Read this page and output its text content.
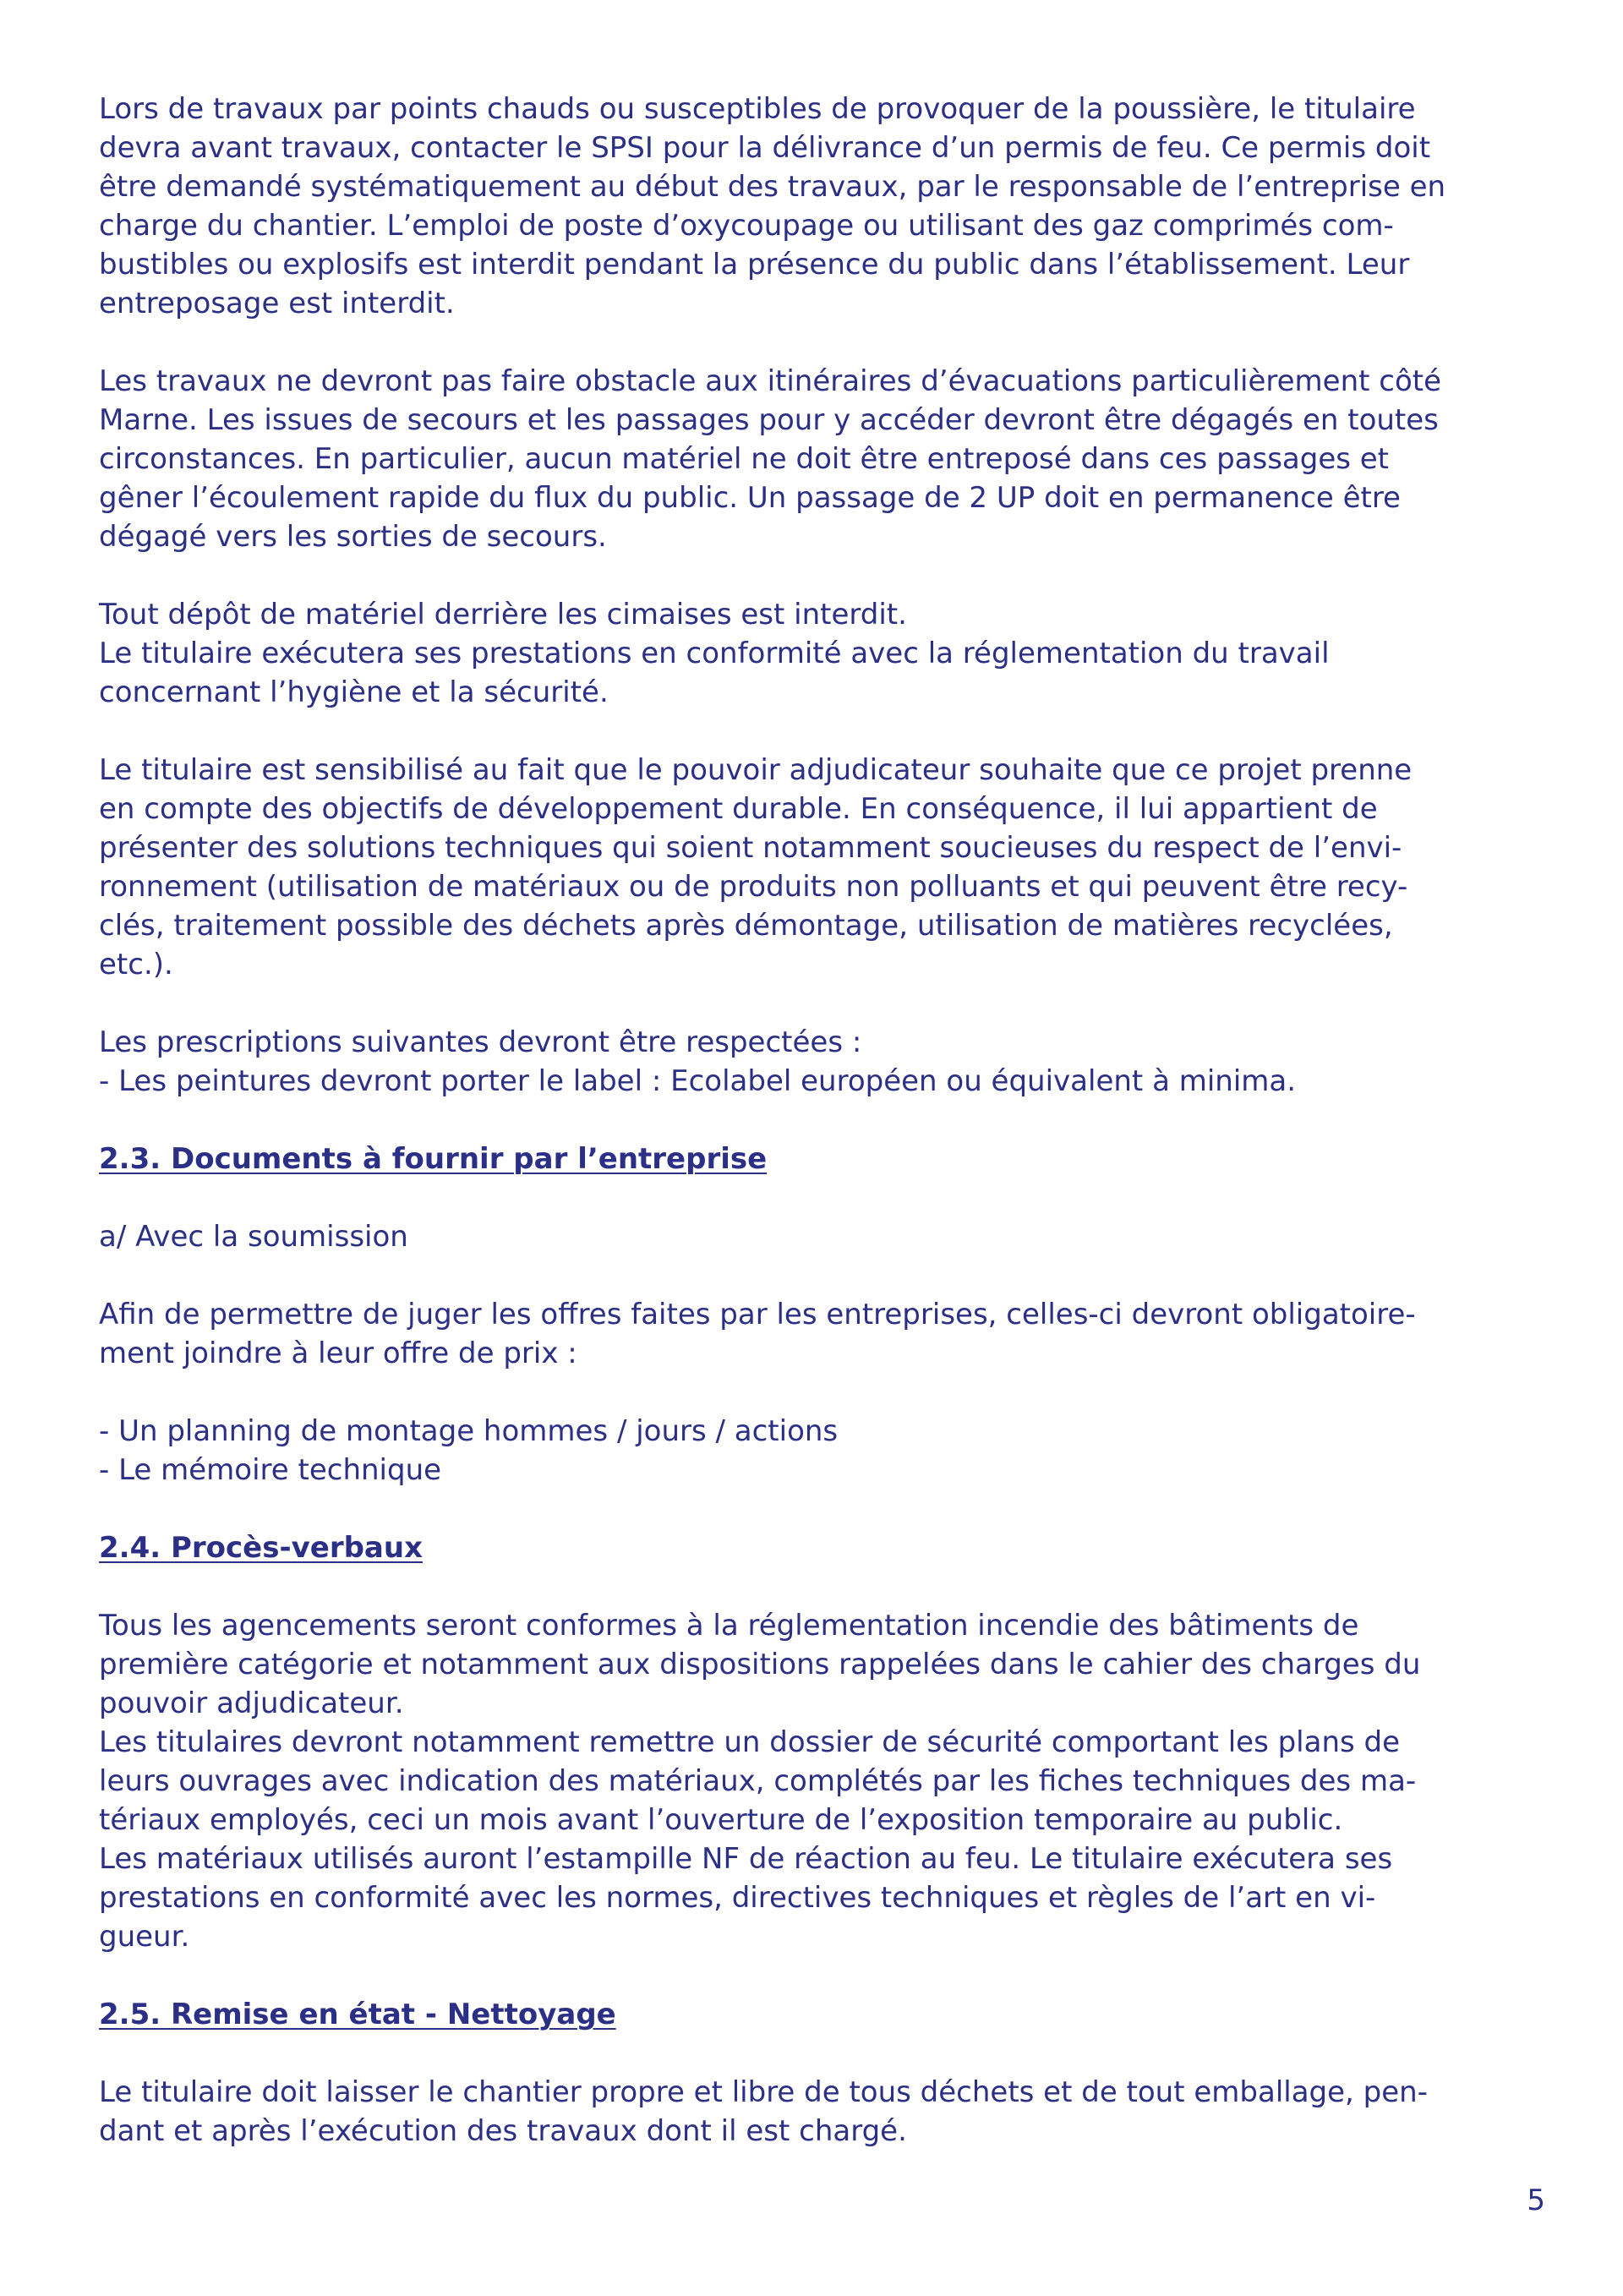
Lors de travaux par points chauds ou susceptibles de provoquer de la poussière, le titulaire
devra avant travaux, contacter le SPSI pour la délivrance d’un permis de feu. Ce permis doit
être demandé systématiquement au début des travaux, par le responsable de l’entreprise en
charge du chantier. L’emploi de poste d’oxycoupage ou utilisant des gaz comprimés com-
bustibles ou explosifs est interdit pendant la présence du public dans l’établissement. Leur
entreposage est interdit.
Les travaux ne devront pas faire obstacle aux itinéraires d’évacuations particulièrement côté
Marne. Les issues de secours et les passages pour y accéder devront être dégagés en toutes
circonstances. En particulier, aucun matériel ne doit être entreposé dans ces passages et
gêner l’écoulement rapide du flux du public. Un passage de 2 UP doit en permanence être
dégagé vers les sorties de secours.
Tout dépôt de matériel derrière les cimaises est interdit.
Le titulaire exécutera ses prestations en conformité avec la réglementation du travail
concernant l’hygiène et la sécurité.
Le titulaire est sensibilisé au fait que le pouvoir adjudicateur souhaite que ce projet prenne
en compte des objectifs de développement durable. En conséquence, il lui appartient de
présenter des solutions techniques qui soient notamment soucieuses du respect de l’envi-
ronnement (utilisation de matériaux ou de produits non polluants et qui peuvent être recy-
clés, traitement possible des déchets après démontage, utilisation de matières recyclées,
etc.).
Les prescriptions suivantes devront être respectées :
- Les peintures devront porter le label : Ecolabel européen ou équivalent à minima.
2.3. Documents à fournir par l’entreprise
a/ Avec la soumission
Afin de permettre de juger les offres faites par les entreprises, celles-ci devront obligatoire-
ment joindre à leur offre de prix :
- Un planning de montage hommes / jours / actions
- Le mémoire technique
2.4. Procès-verbaux
Tous les agencements seront conformes à la réglementation incendie des bâtiments de
première catégorie et notamment aux dispositions rappelées dans le cahier des charges du
pouvoir adjudicateur.
Les titulaires devront notamment remettre un dossier de sécurité comportant les plans de
leurs ouvrages avec indication des matériaux, complétés par les fiches techniques des ma-
tériaux employés, ceci un mois avant l’ouverture de l’exposition temporaire au public.
Les matériaux utilisés auront l’estampille NF de réaction au feu. Le titulaire exécutera ses
prestations en conformité avec les normes, directives techniques et règles de l’art en vi-
gueur.
2.5. Remise en état - Nettoyage
Le titulaire doit laisser le chantier propre et libre de tous déchets et de tout emballage, pen-
dant et après l’exécution des travaux dont il est chargé.
5
